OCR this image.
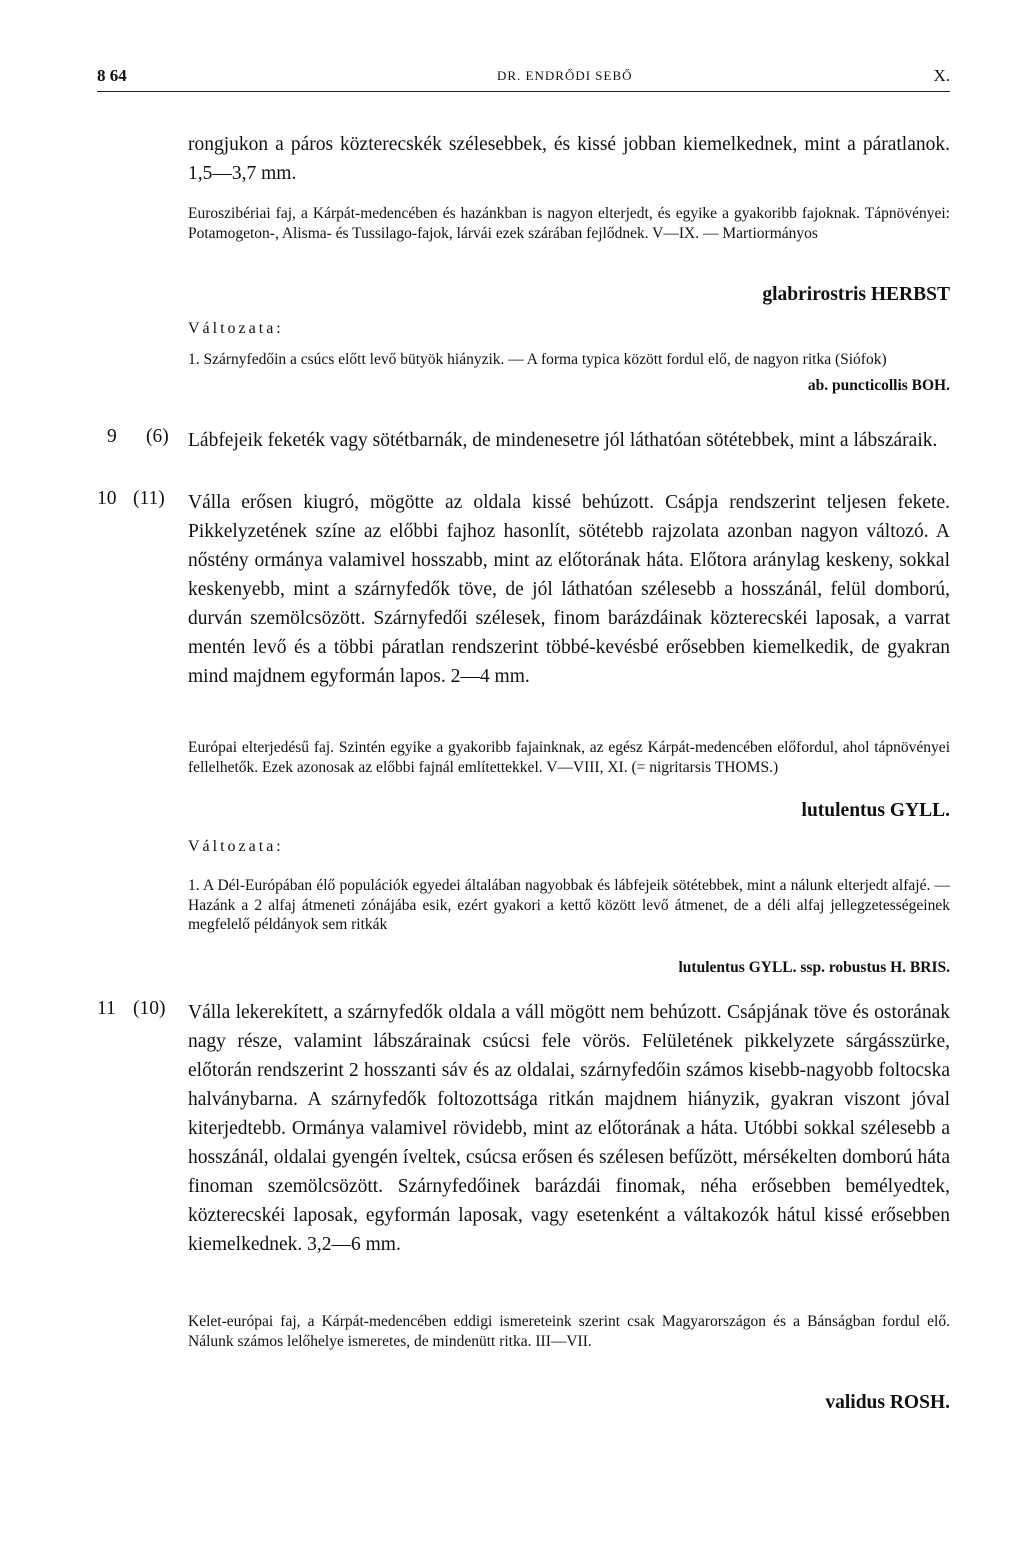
8 64	DR. ENDRŐDI SEBŐ	X.

rongjukon a páros közterecskék szélesebbek, és kissé jobban kiemelkednek, mint a páratlanok. 1,5—3,7 mm.

Euroszibériai faj, a Kárpát-medencében és hazánkban is nagyon elterjedt, és egyike a gyakoribb fajoknak. Tápnövényei: Potamogeton-, Alisma- és Tussilago-fajok, lárvái ezek szárában fejlődnek. V—IX. — Martiormányos

glabrirostris HERBST
Változata:

1. Szárnyfedőin a csúcs előtt levő bütyök hiányzik. — A forma typica között fordul elő, de nagyon ritka (Siófok)

ab. puncticollis BOH.
9 (6) Lábfejeik feketék vagy sötétbarnák, de mindenesetre jól láthatóan sötétebbek, mint a lábszáraik.

10 (11) Válla erősen kiugró, mögötte az oldala kissé behúzott. Csápja rendszerint teljesen fekete. Pikkelyzetének színe az előbbi fajhoz hasonlít, sötétebb rajzolata azonban nagyon változó. A nőstény ormánya valamivel hosszabb, mint az előtorának háta. Előtora aránylag keskeny, sokkal keskenyebb, mint a szárnyfedők töve, de jól láthatóan szélesebb a hosszánál, felül domború, durván szemölcsözött. Szárnyfedői szélesek, finom barázdáinak közterecskéi laposak, a varrat mentén levő és a többi páratlan rendszerint többé-kevésbé erősebben kiemelkedik, de gyakran mind majdnem egyformán lapos. 2—4 mm.

Európai elterjedésű faj. Szintén egyike a gyakoribb fajainknak, az egész Kárpát-medencében előfordul, ahol tápnövényei fellelhetők. Ezek azonosak az előbbi fajnál említettekkel. V—VIII, XI. (= nigritarsis THOMS.)

lutulentus GYLL.
Változata:

1. A Dél-Európában élő populációk egyedei általában nagyobbak és lábfejeik sötétebbek, mint a nálunk elterjedt alfajé. — Hazánk a 2 alfaj átmeneti zónájába esik, ezért gyakori a kettő között levő átmenet, de a déli alfaj jellegzetességeinek megfelelő példányok sem ritkák

lutulentus GYLL. ssp. robustus H. BRIS.
11 (10) Válla lekerekített, a szárnyfedők oldala a váll mögött nem behúzott. Csápjának töve és ostorának nagy része, valamint lábszárainak csúcsi fele vörös. Felületének pikkelyzete sárgásszürke, előtorán rendszerint 2 hosszanti sáv és az oldalai, szárnyfedőin számos kisebb-nagyobb foltocska halványbarna. A szárnyfedők foltozottsága ritkán majdnem hiányzik, gyakran viszont jóval kiterjedtebb. Ormánya valamivel rövidebb, mint az előtorának a háta. Utóbbi sokkal szélesebb a hosszánál, oldalai gyengén íveltek, csúcsa erősen és szélesen befűzött, mérsékelten domború háta finoman szemölcsözött. Szárnyfedőinek barázdái finomak, néha erősebben bemélyedtek, közterecskéi laposak, egyformán laposak, vagy esetenként a váltakozók hátul kissé erősebben kiemelkednek. 3,2—6 mm.

Kelet-európai faj, a Kárpát-medencében eddigi ismereteink szerint csak Magyarországon és a Bánságban fordul elő. Nálunk számos lelőhelye ismeretes, de mindenütt ritka. III—VII.

validus ROSH.
